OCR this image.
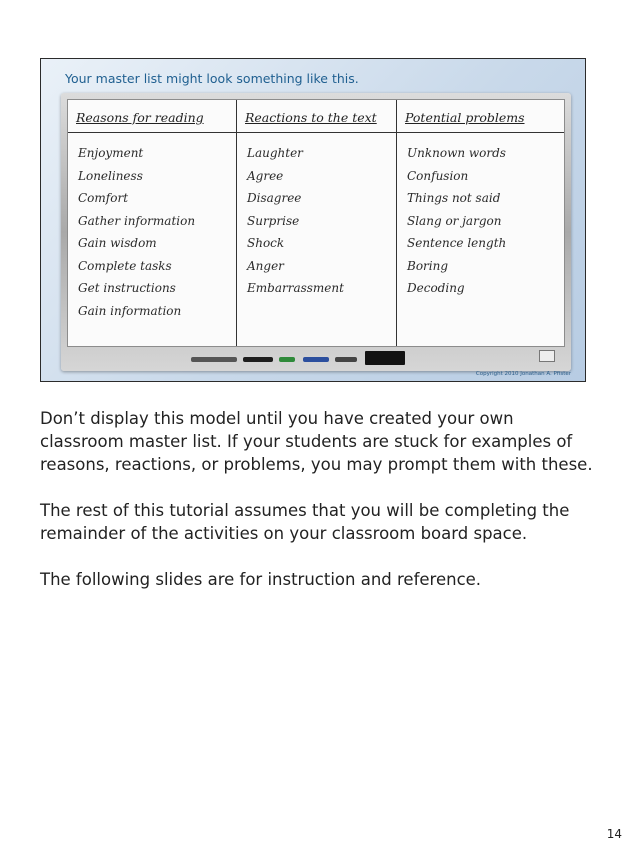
Your master list might look something like this.
Reasons for reading
Enjoyment
Loneliness
Comfort
Gather information
Gain wisdom
Complete tasks
Get instructions
Gain information
Reactions to the text
Laughter
Agree
Disagree
Surprise
Shock
Anger
Embarrassment
Potential problems
Unknown words
Confusion
Things not said
Slang or jargon
Sentence length
Boring
Decoding
Copyright 2010 Jonathan A. Pfister

Don’t display this model until you have created your own classroom master list. If your students are stuck for examples of reasons, reactions, or problems, you may prompt them with these.

The rest of this tutorial assumes that you will be completing the remainder of the activities on your classroom board space.

The following slides are for instruction and reference.

14
